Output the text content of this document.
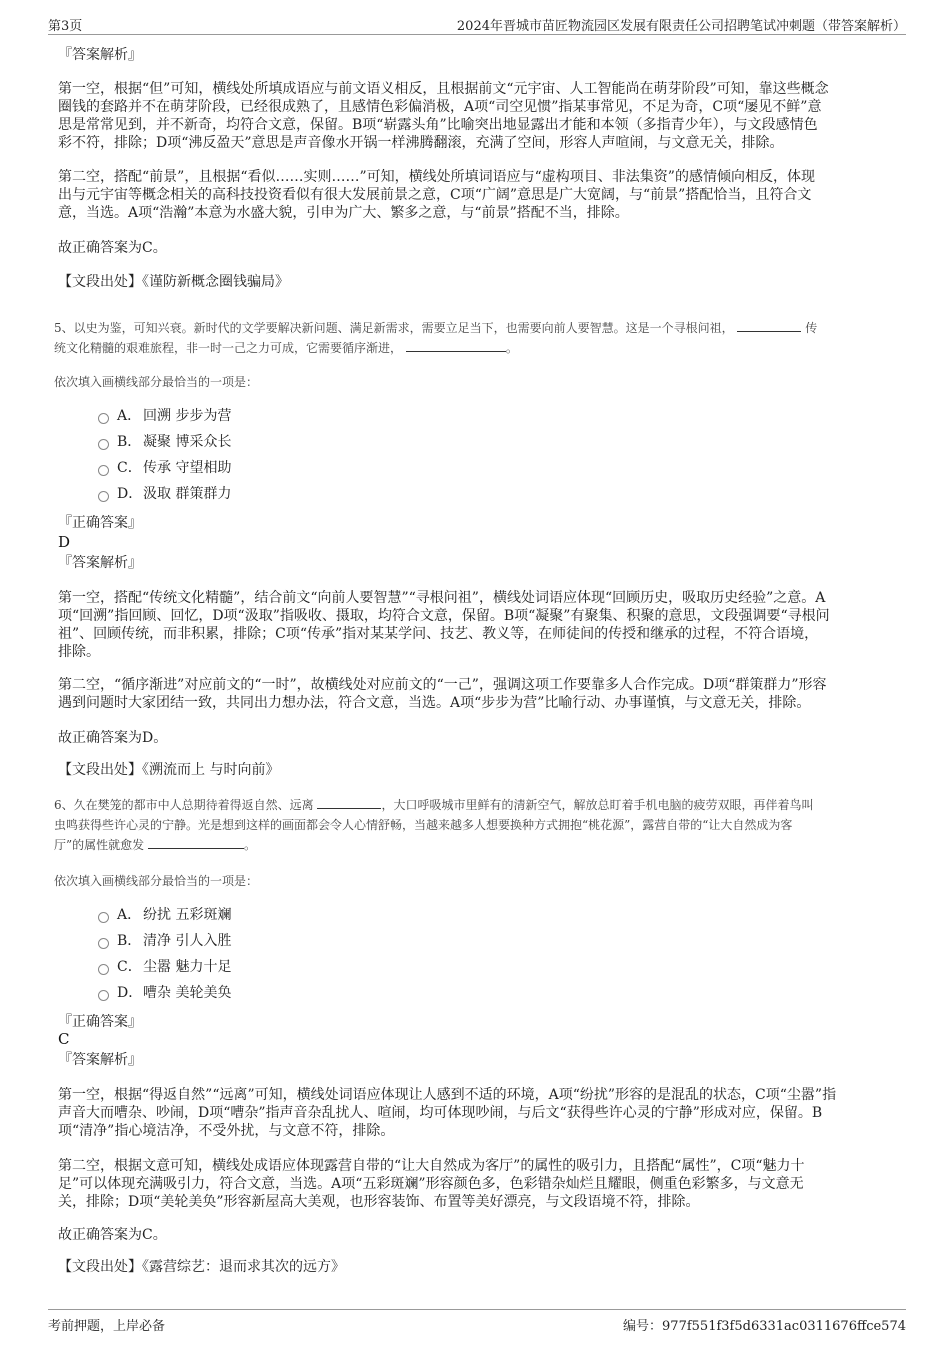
第3页	2024年晋城市苗匠物流园区发展有限责任公司招聘笔试冲刺题（带答案解析）
『答案解析』
第一空，根据“但”可知，横线处所填成语应与前文语义相反，且根据前文“元宇宙、人工智能尚在萌芽阶段”可知，靠这些概念
圈钱的套路并不在萌芽阶段，已经很成熟了，且感情色彩偏消极，A项“司空见惯”指某事常见，不足为奇，C项“屡见不鲜”意
思是常常见到，并不新奇，均符合文意，保留。B项“崭露头角”比喻突出地显露出才能和本领（多指青少年），与文段感情色
彩不符，排除；D项“沸反盈天”意思是声音像水开锅一样沸腾翻滚，充满了空间，形容人声喧闹，与文意无关，排除。
第二空，搭配“前景”，且根据“看似……实则……”可知，横线处所填词语应与“虚构项目、非法集资”的感情倾向相反，体现
出与元宇宙等概念相关的高科技投资看似有很大发展前景之意，C项“广阔”意思是广大宽阔，与“前景”搭配恰当，且符合文
意，当选。A项“浩瀚”本意为水盛大貌，引申为广大、繁多之意，与“前景”搭配不当，排除。
故正确答案为C。
【文段出处】《谨防新概念圈钱骗局》
5、以史为鉴，可知兴衰。新时代的文学要解决新问题、满足新需求，需要立足当下，也需要向前人要智慧。这是一个寻根问祖，	传
统文化精髓的艰难旅程，非一时一己之力可成，它需要循序渐进，	。
依次填入画横线部分最恰当的一项是：
A． 回溯 步步为营
B． 凝聚 博采众长
C．传承 守望相助
D．汲取 群策群力
『正确答案』
D
『答案解析』
第一空，搭配“传统文化精髓”，结合前文“向前人要智慧”“寻根问祖”，横线处词语应体现“回顾历史，吸取历史经验”之意。A
项“回溯”指回顾、回忆，D项“汲取”指吸收、摄取，均符合文意，保留。B项“凝聚”有聚集、积聚的意思，文段强调要“寻根问
祖”、回顾传统，而非积累，排除；C项“传承”指对某某学问、技艺、教义等，在师徒间的传授和继承的过程，不符合语境，
排除。
第二空，“循序渐进”对应前文的“一时”，故横线处对应前文的“一己”，强调这项工作要靠多人合作完成。D项“群策群力”形容
遇到问题时大家团结一致，共同出力想办法，符合文意，当选。A项“步步为营”比喻行动、办事谨慎，与文意无关，排除。
故正确答案为D。
【文段出处】《溯流而上 与时向前》
6、久在樊笼的都市中人总期待着得返自然、远离	，大口呼吸城市里鲜有的清新空气，解放总盯着手机电脑的疲劳双眼，再伴着鸟叫
虫鸣获得些许心灵的宁静。光是想到这样的画面都会令人心情舒畅，当越来越多人想要换种方式拥抱“桃花源”，露营自带的“让大自然成为客
厅”的属性就愈发	。
依次填入画横线部分最恰当的一项是：
A． 纷扰 五彩斑斓
B． 清净 引人入胜
C．尘嚣 魅力十足
D．嘈杂 美轮美奂
『正确答案』
C
『答案解析』
第一空，根据“得返自然”“远离”可知，横线处词语应体现让人感到不适的环境，A项“纷扰”形容的是混乱的状态，C项“尘嚣”指
声音大而嘈杂、吵闹，D项“嘈杂”指声音杂乱扰人、喧闹，均可体现吵闹，与后文“获得些许心灵的宁静”形成对应，保留。B
项“清净”指心境洁净，不受外扰，与文意不符，排除。
第二空，根据文意可知，横线处成语应体现露营自带的“让大自然成为客厅”的属性的吸引力，且搭配“属性”，C项“魅力十
足”可以体现充满吸引力，符合文意，当选。A项“五彩斑斓”形容颜色多，色彩错杂灿烂且耀眼，侧重色彩繁多，与文意无
关，排除；D项“美轮美奂”形容新屋高大美观，也形容装饰、布置等美好漂亮，与文段语境不符，排除。
故正确答案为C。
【文段出处】《露营综艺：退而求其次的远方》
考前押题，上岸必备	编号：977f551f3f5d6331ac0311676ffce574
